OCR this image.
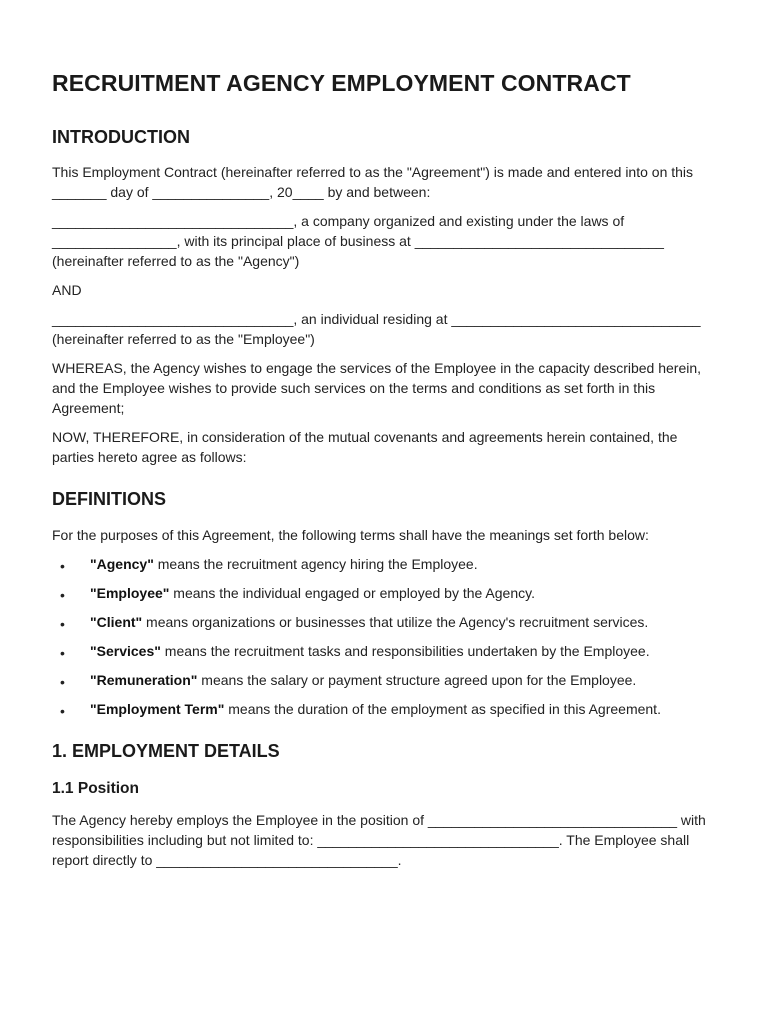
RECRUITMENT AGENCY EMPLOYMENT CONTRACT
INTRODUCTION

This Employment Contract (hereinafter referred to as the "Agreement") is made and entered into on this _______ day of _______________, 20____ by and between:

_______________________________, a company organized and existing under the laws of ________________, with its principal place of business at ________________________________ (hereinafter referred to as the "Agency")

AND

_______________________________, an individual residing at ________________________________ (hereinafter referred to as the "Employee")

WHEREAS, the Agency wishes to engage the services of the Employee in the capacity described herein, and the Employee wishes to provide such services on the terms and conditions as set forth in this Agreement;

NOW, THEREFORE, in consideration of the mutual covenants and agreements herein contained, the parties hereto agree as follows:

DEFINITIONS

For the purposes of this Agreement, the following terms shall have the meanings set forth below:

• "Agency" means the recruitment agency hiring the Employee.
• "Employee" means the individual engaged or employed by the Agency.
• "Client" means organizations or businesses that utilize the Agency's recruitment services.
• "Services" means the recruitment tasks and responsibilities undertaken by the Employee.
• "Remuneration" means the salary or payment structure agreed upon for the Employee.
• "Employment Term" means the duration of the employment as specified in this Agreement.
1. EMPLOYMENT DETAILS
1.1 Position

The Agency hereby employs the Employee in the position of ________________________________ with responsibilities including but not limited to: _______________________________. The Employee shall report directly to _______________________________.
